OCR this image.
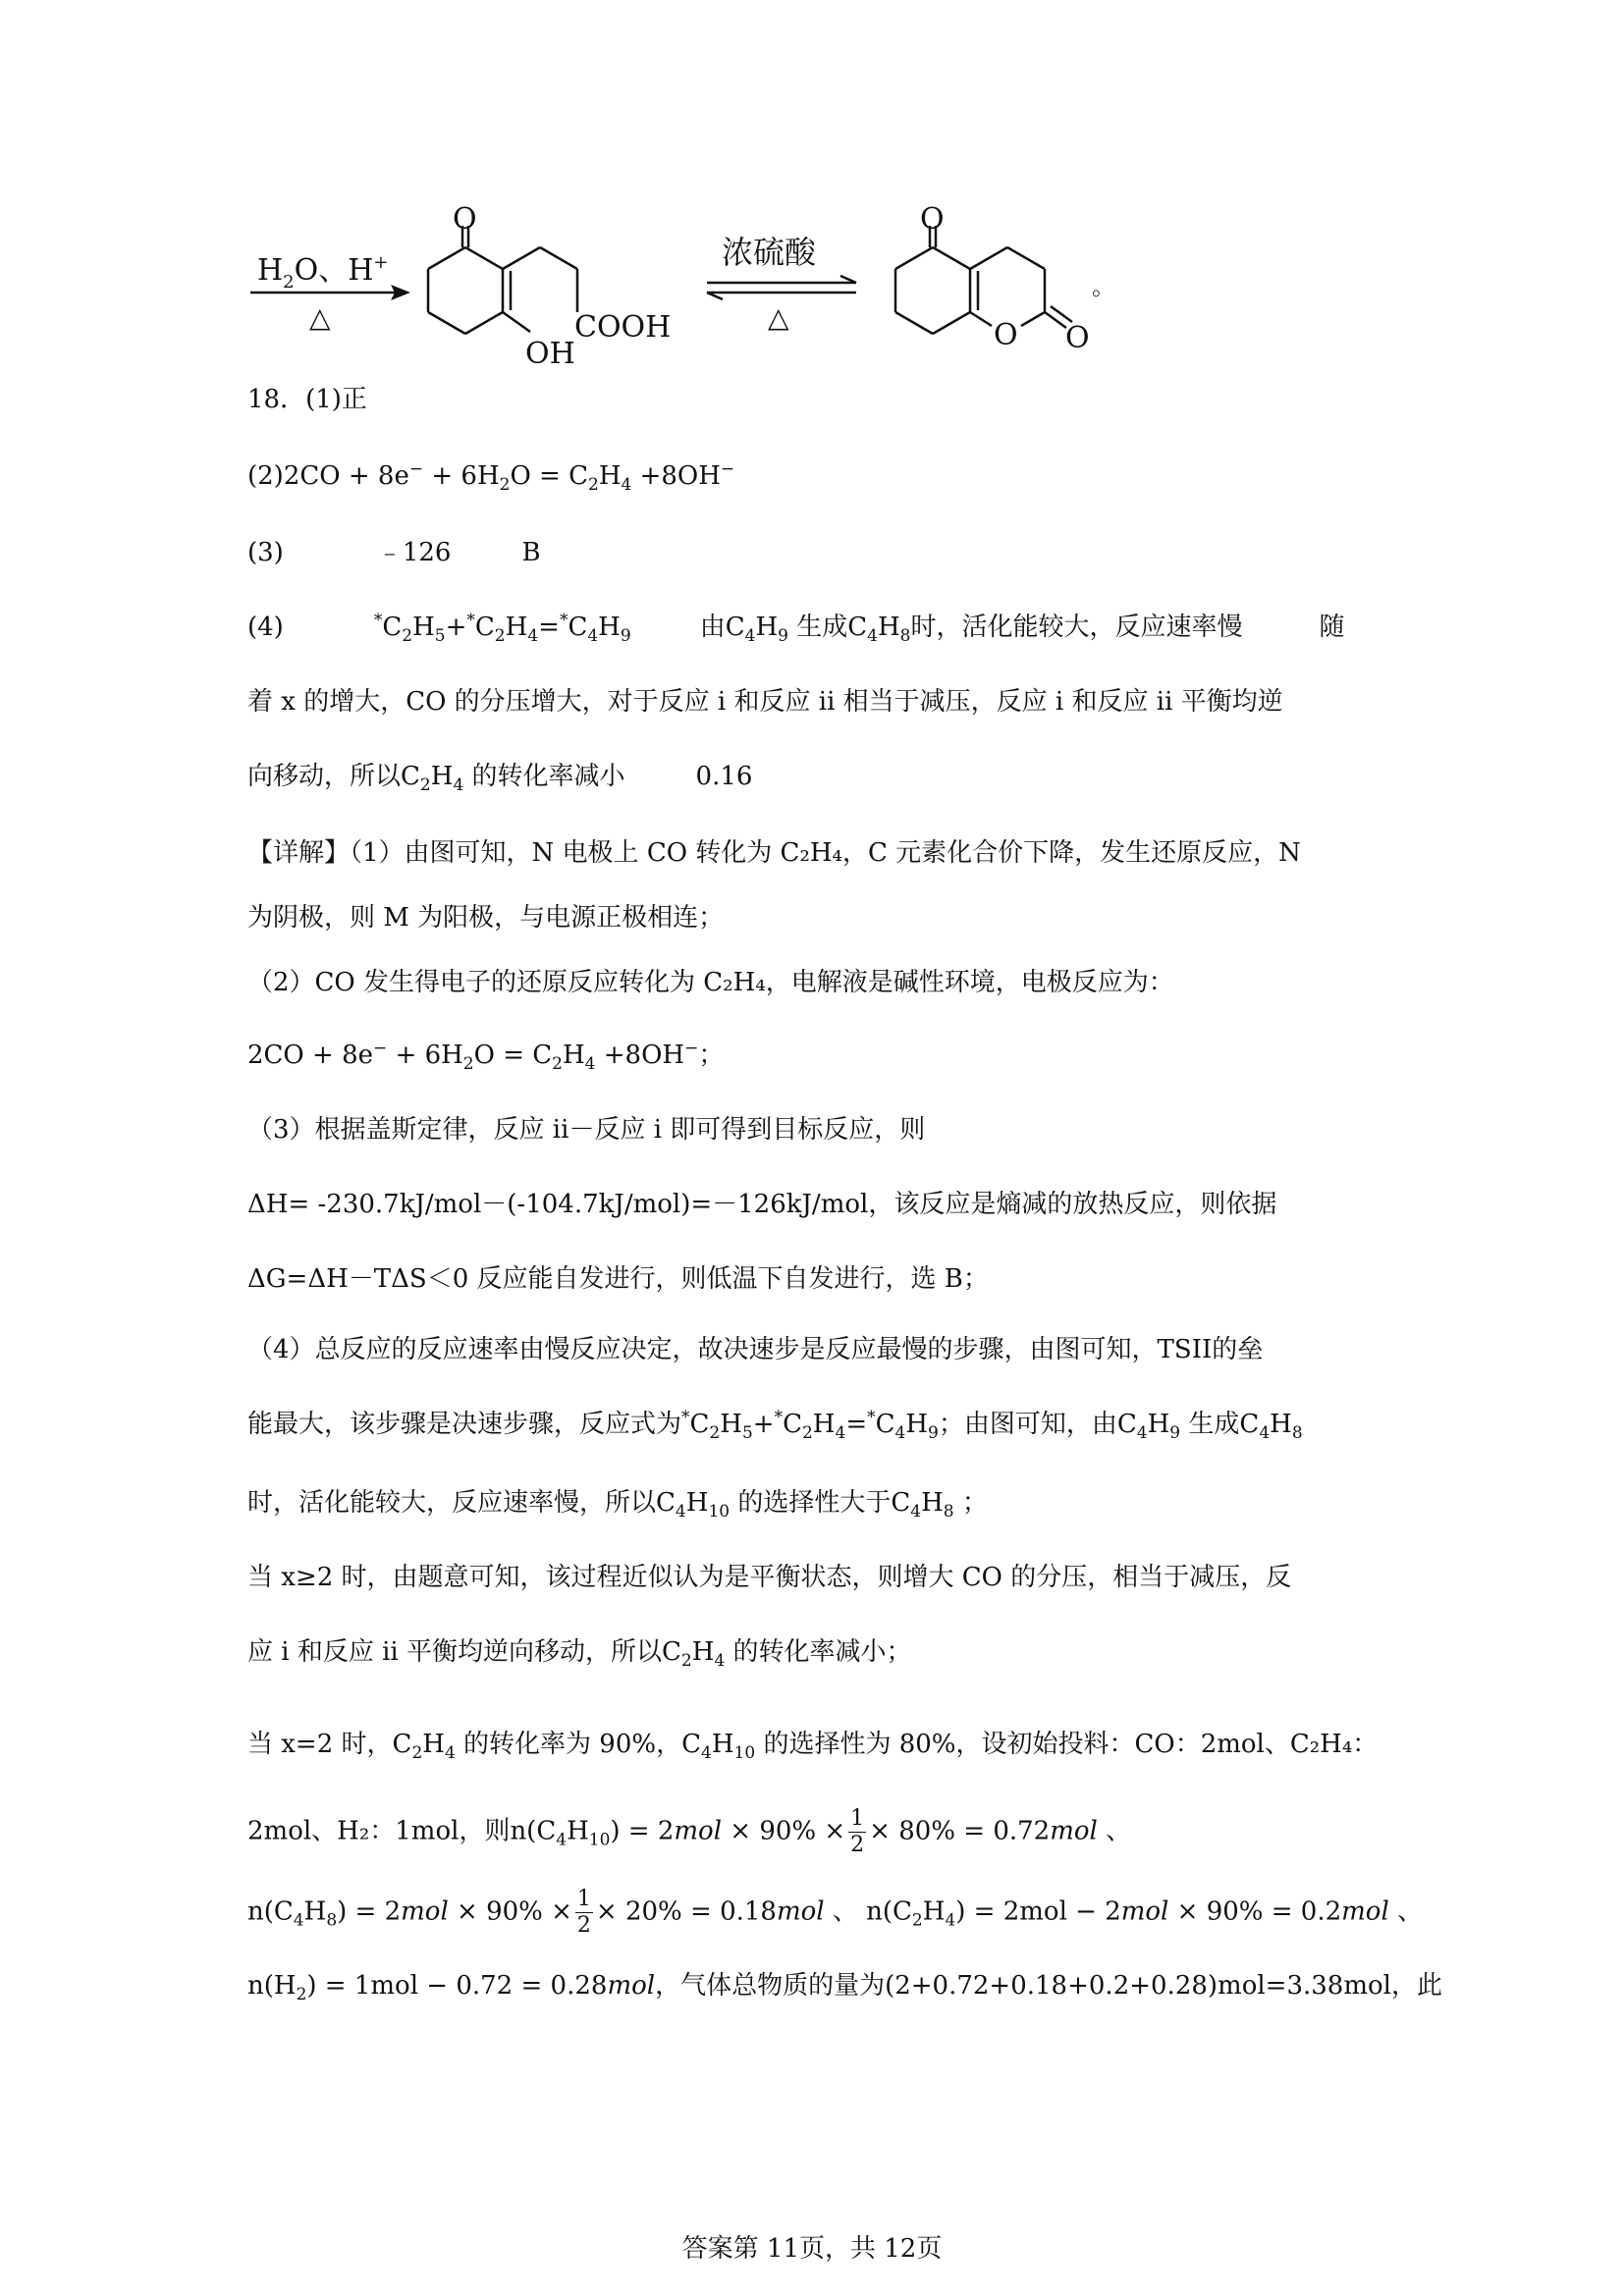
$H_2O$、H+
△
O
COOH
OH
浓硫酸
△
O
O O
。
18．(1)正
$(2)2CO + 8e^- + 6H_2O = C_2H_4 +8OH^-$
(3)	﹣126	B
(4)	$^*C_2H_5+^*C_2H_4=^*C_4H_9$	由$C_4H_9$ 生成$C_4H_8$时，活化能较大，反应速率慢	随
着 x 的增大，CO 的分压增大，对于反应 i 和反应 ii 相当于减压，反应 i 和反应 ii 平衡均逆
向移动，所以$C_2H_4$ 的转化率减小	0.16
【详解】（1）由图可知，N 电极上 CO 转化为 C₂H₄，C 元素化合价下降，发生还原反应，N
为阴极，则 M 为阳极，与电源正极相连；
（2）CO 发生得电子的还原反应转化为 C₂H₄，电解液是碱性环境，电极反应为：
$2CO + 8e^- + 6H_2O = C_2H_4 +8OH^-$；
（3）根据盖斯定律，反应 ii－反应 i 即可得到目标反应，则
ΔH= -230.7kJ/mol－(-104.7kJ/mol)=－126kJ/mol，该反应是熵减的放热反应，则依据
ΔG=ΔH－TΔS＜0 反应能自发进行，则低温下自发进行，选 B；
（4）总反应的反应速率由慢反应决定，故决速步是反应最慢的步骤，由图可知，TSII的垒
能最大，该步骤是决速步骤，反应式为$^*C_2H_5+^*C_2H_4=^*C_4H_9$；由图可知，由$C_4H_9$ 生成$C_4H_8$
时，活化能较大，反应速率慢，所以$C_4H_{10}$ 的选择性大于$C_4H_8$ ；
当 x≥2 时，由题意可知，该过程近似认为是平衡状态，则增大 CO 的分压，相当于减压，反
应 i 和反应 ii 平衡均逆向移动，所以$C_2H_4$ 的转化率减小；
当 x=2 时，$C_2H_4$ 的转化率为 90%，$C_4H_{10}$ 的选择性为 80%，设初始投料：CO：2mol、C₂H₄：
2mol、H₂：1mol，则$n(C_4H_{10}) = 2mol \times 90\% \times \frac{1}{2} \times 80\% = 0.72mol$ 、
$n(C_4H_8) = 2mol \times 90\% \times \frac{1}{2} \times 20\% = 0.18mol$ 、 $n(C_2H_4) = 2mol - 2mol \times 90\% = 0.2mol$ 、
$n(H_2) = 1mol - 0.72 = 0.28mol$，气体总物质的量为(2+0.72+0.18+0.2+0.28)mol=3.38mol，此
答案第 11页，共 12页
